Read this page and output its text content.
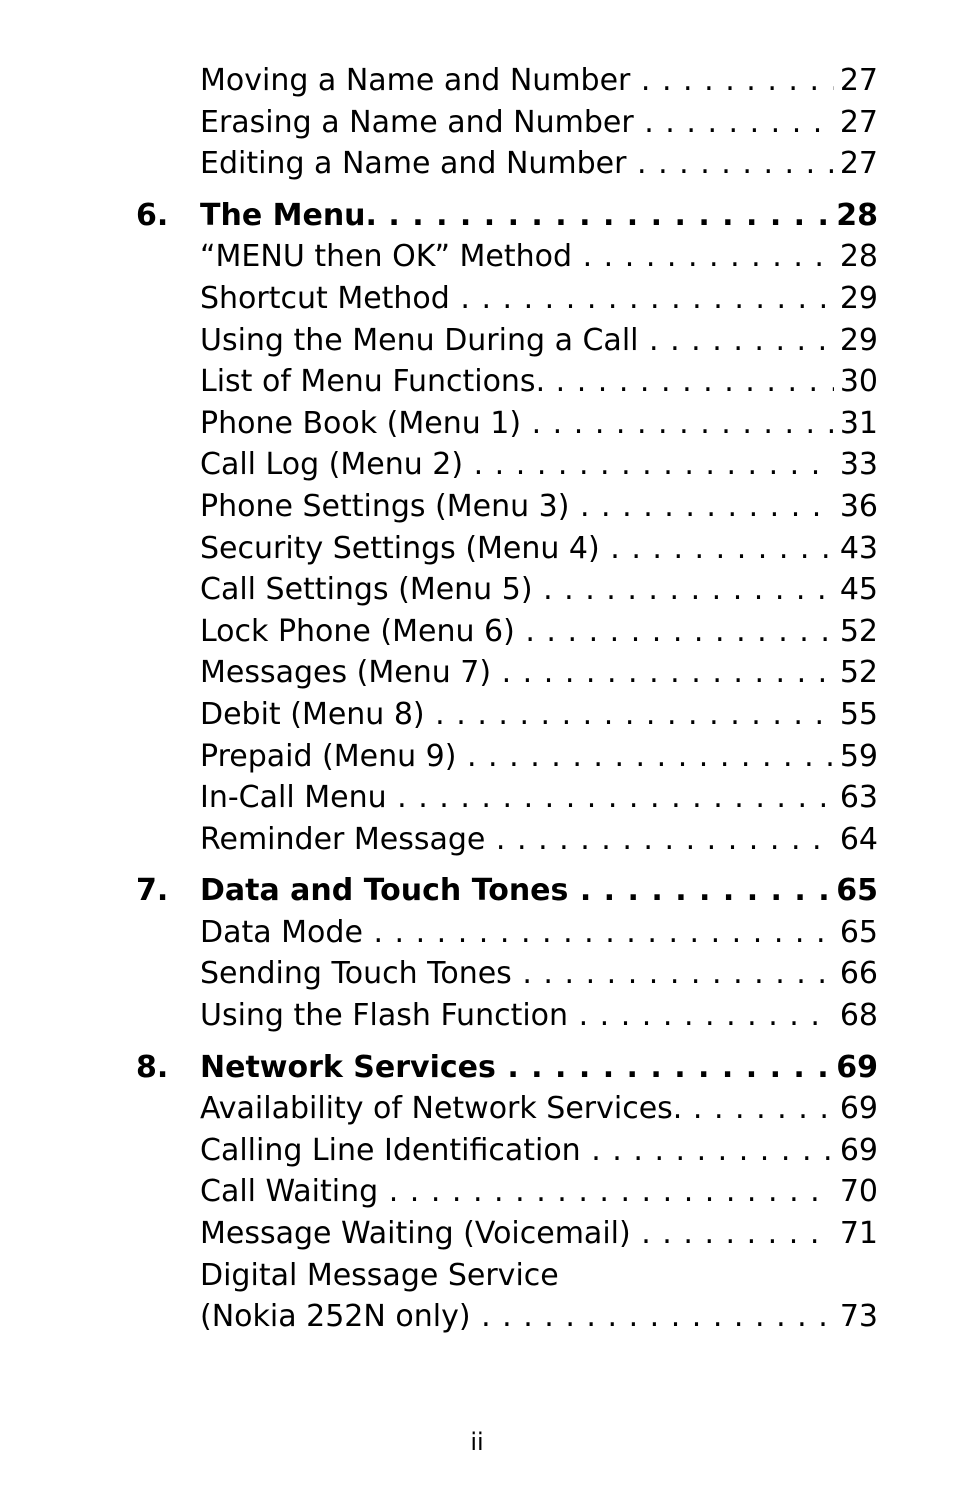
Moving a Name and Number . . .	27
Erasing a Name and Number . . .	27
Editing a Name and Number . . .	27
6. The Menu. . . .	28
“MENU then OK” Method . . .	28
Shortcut Method . . .	29
Using the Menu During a Call . . .	29
List of Menu Functions. . . .	30
Phone Book (Menu 1) . . .	31
Call Log (Menu 2) . . .	33
Phone Settings (Menu 3) . . .	36
Security Settings (Menu 4) . . .	43
Call Settings (Menu 5) . . .	45
Lock Phone (Menu 6) . . .	52
Messages (Menu 7) . . .	52
Debit (Menu 8) . . .	55
Prepaid (Menu 9) . . .	59
In-Call Menu . . .	63
Reminder Message . . .	64
7. Data and Touch Tones . . .	65
Data Mode . . .	65
Sending Touch Tones . . .	66
Using the Flash Function . . .	68
8. Network Services . . .	69
Availability of Network Services. . . .	69
Calling Line Identification . . .	69
Call Waiting . . .	70
Message Waiting (Voicemail) . . .	71
Digital Message Service
(Nokia 252N only) . . .	73
ii
